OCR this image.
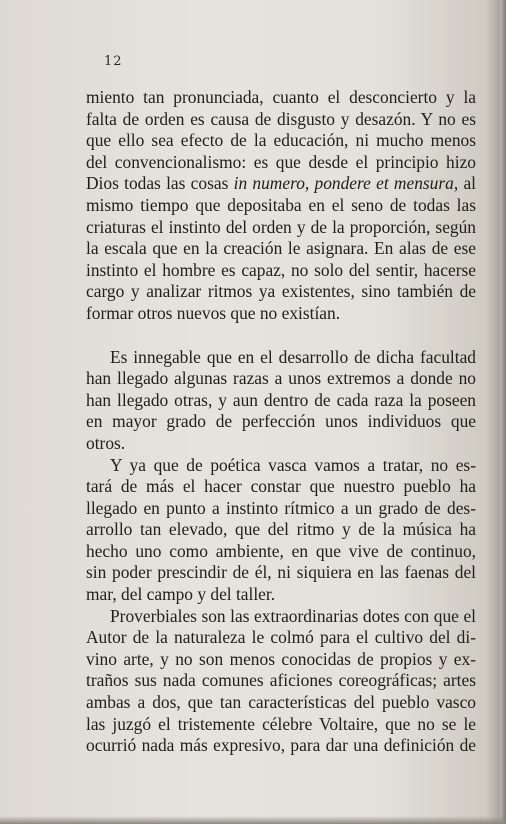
12
miento tan pronunciada, cuanto el desconcierto y la
falta de orden es causa de disgusto y desazón. Y no es
que ello sea efecto de la educación, ni mucho menos
del convencionalismo: es que desde el principio hizo
Dios todas las cosas in numero, pondere et mensura, al
mismo tiempo que depositaba en el seno de todas las
criaturas el instinto del orden y de la proporción, según
la escala que en la creación le asignara. En alas de ese
instinto el hombre es capaz, no solo del sentir, hacerse
cargo y analizar ritmos ya existentes, sino también de
formar otros nuevos que no existían.
Es innegable que en el desarrollo de dicha facultad
han llegado algunas razas a unos extremos a donde no
han llegado otras, y aun dentro de cada raza la poseen
en mayor grado de perfección unos individuos que
otros.
Y ya que de poética vasca vamos a tratar, no es-
tará de más el hacer constar que nuestro pueblo ha
llegado en punto a instinto rítmico a un grado de des-
arrollo tan elevado, que del ritmo y de la música ha
hecho uno como ambiente, en que vive de continuo,
sin poder prescindir de él, ni siquiera en las faenas del
mar, del campo y del taller.
Proverbiales son las extraordinarias dotes con que el
Autor de la naturaleza le colmó para el cultivo del di-
vino arte, y no son menos conocidas de propios y ex-
traños sus nada comunes aficiones coreográficas; artes
ambas a dos, que tan características del pueblo vasco
las juzgó el tristemente célebre Voltaire, que no se le
ocurrió nada más expresivo, para dar una definición de
